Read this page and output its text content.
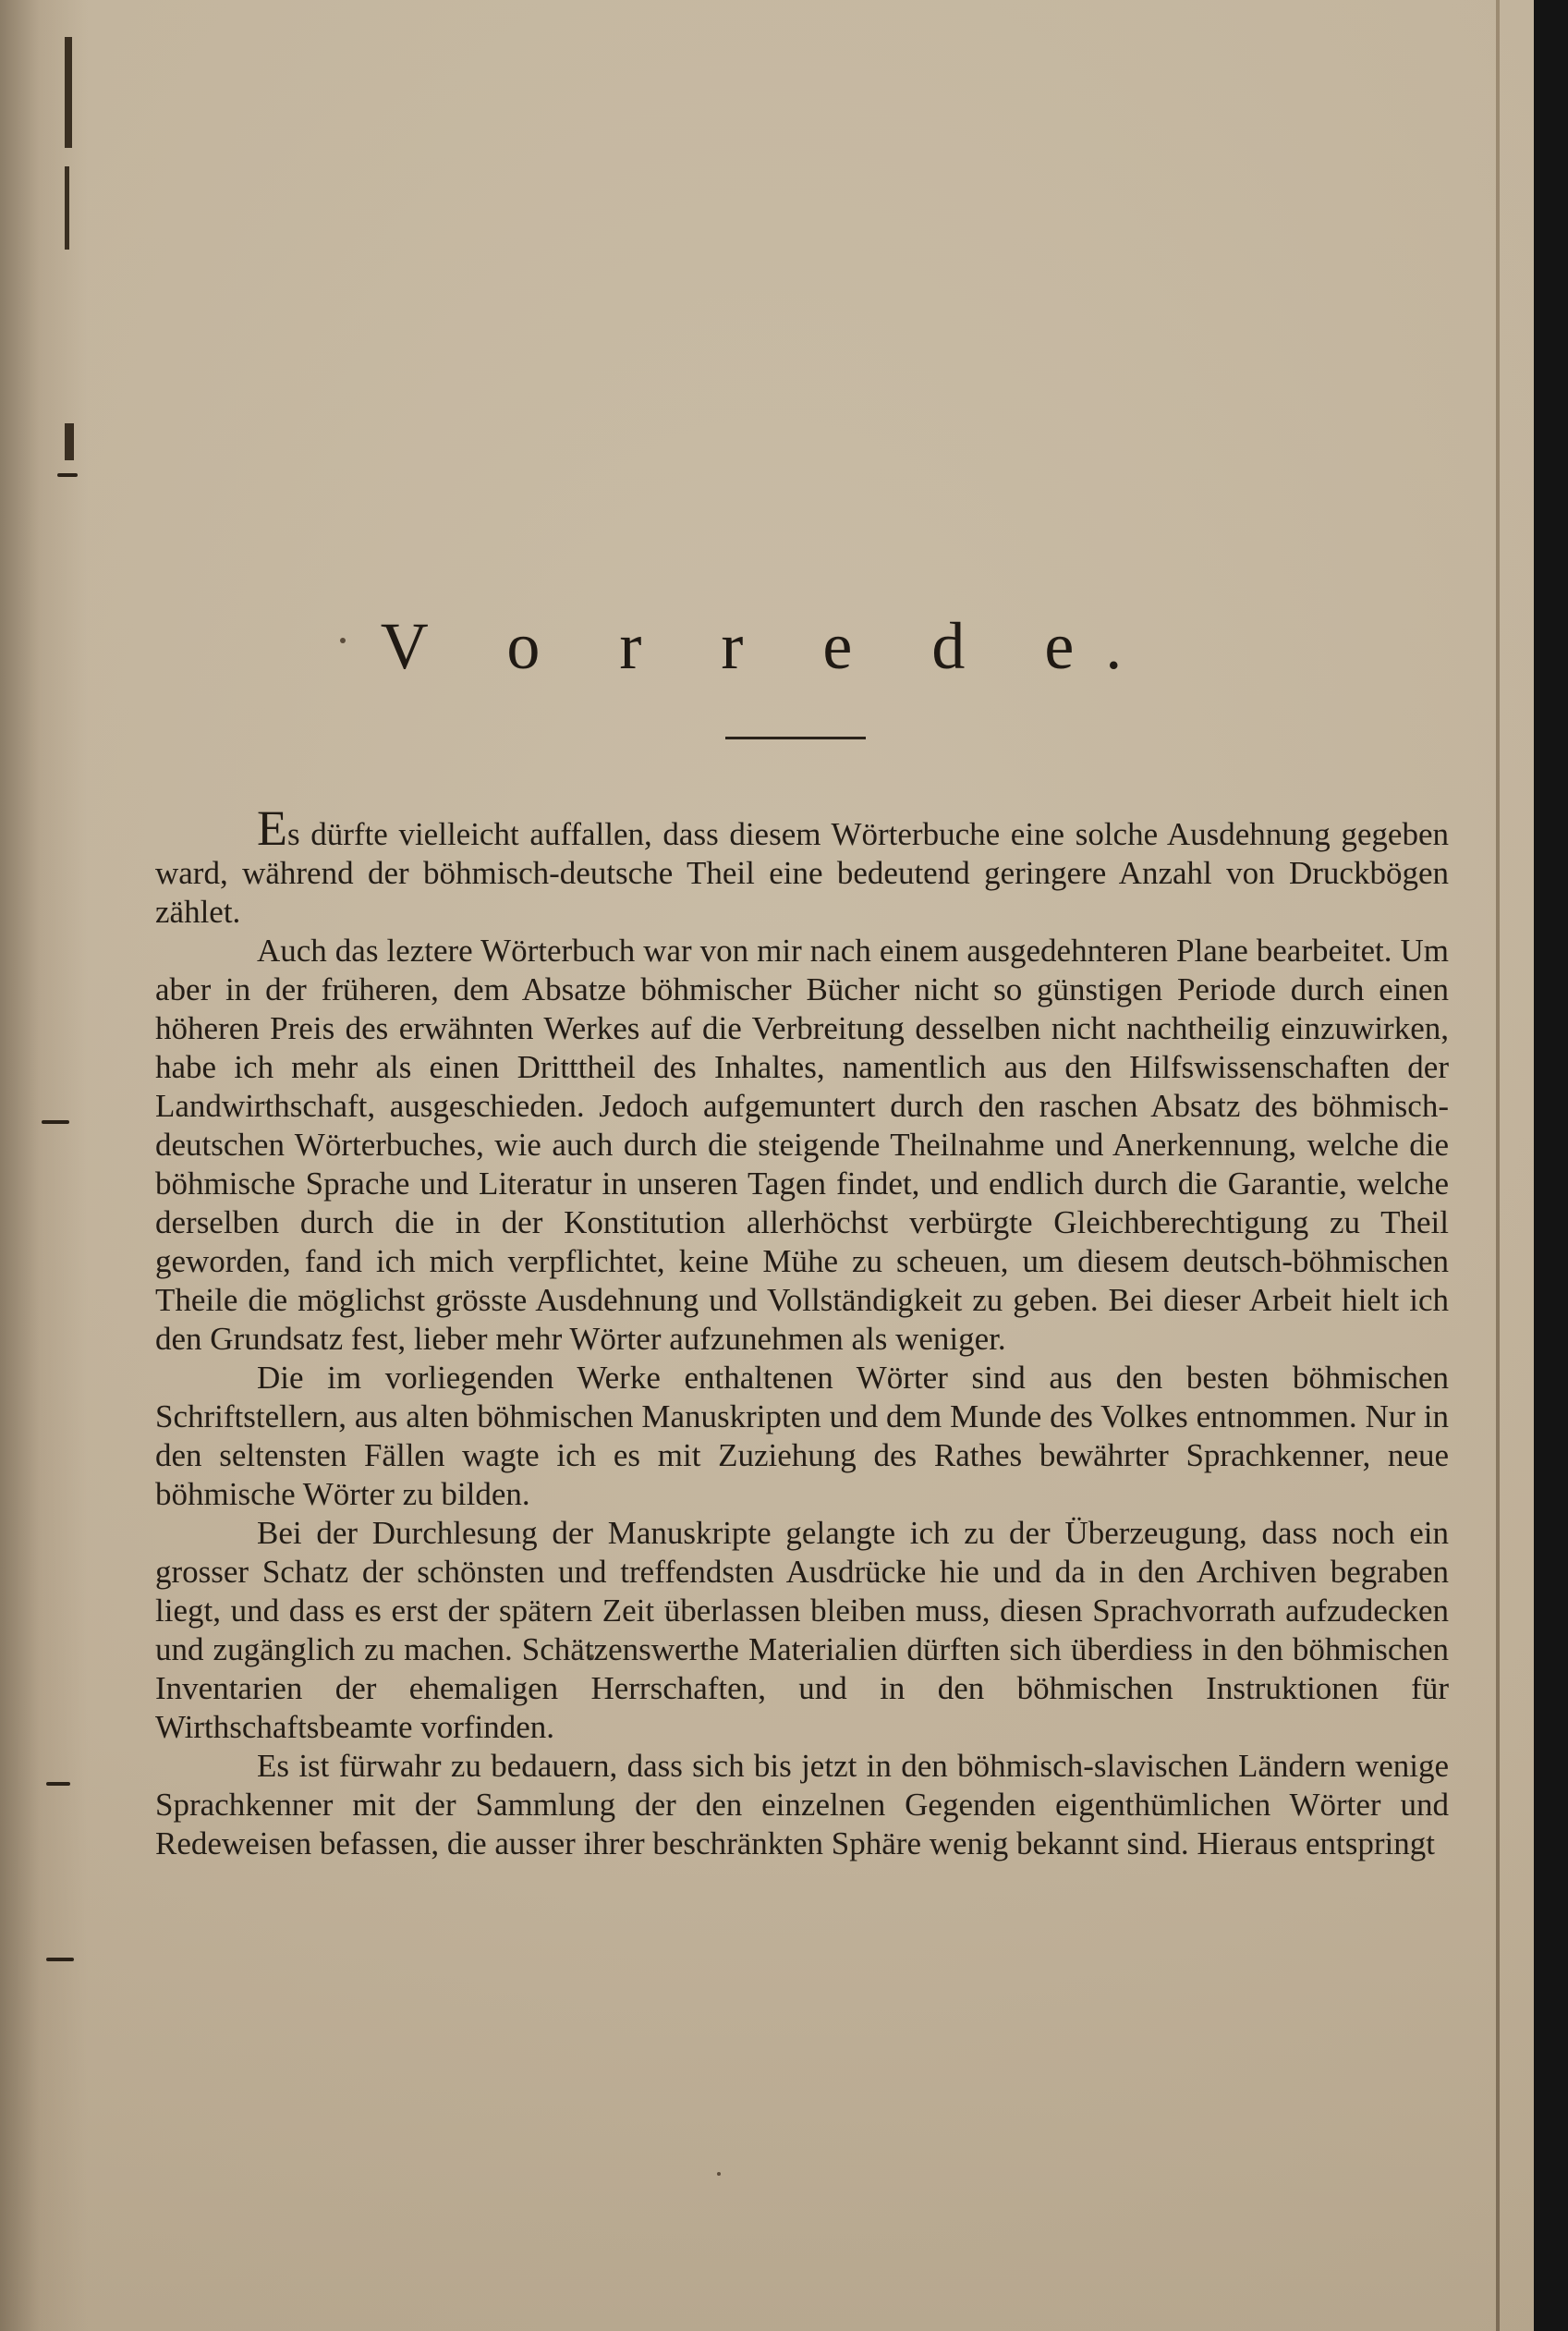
V o r r e d e.

Es dürfte vielleicht auffallen, dass diesem Wörterbuche eine solche Ausdehnung gegeben ward, während der böhmisch-deutsche Theil eine bedeutend geringere Anzahl von Druckbögen zählet.

Auch das leztere Wörterbuch war von mir nach einem ausgedehnteren Plane bearbeitet. Um aber in der früheren, dem Absatze böhmischer Bücher nicht so günstigen Periode durch einen höheren Preis des erwähnten Werkes auf die Verbreitung desselben nicht nachtheilig einzuwirken, habe ich mehr als einen Dritttheil des Inhaltes, namentlich aus den Hilfswissenschaften der Landwirthschaft, ausgeschieden. Jedoch aufgemuntert durch den raschen Absatz des böhmisch-deutschen Wörterbuches, wie auch durch die steigende Theilnahme und Anerkennung, welche die böhmische Sprache und Literatur in unseren Tagen findet, und endlich durch die Garantie, welche derselben durch die in der Konstitution allerhöchst verbürgte Gleichberechtigung zu Theil geworden, fand ich mich verpflichtet, keine Mühe zu scheuen, um diesem deutsch-böhmischen Theile die möglichst grösste Ausdehnung und Vollständigkeit zu geben. Bei dieser Arbeit hielt ich den Grundsatz fest, lieber mehr Wörter aufzunehmen als weniger.

Die im vorliegenden Werke enthaltenen Wörter sind aus den besten böhmischen Schriftstellern, aus alten böhmischen Manuskripten und dem Munde des Volkes entnommen. Nur in den seltensten Fällen wagte ich es mit Zuziehung des Rathes bewährter Sprachkenner, neue böhmische Wörter zu bilden.

Bei der Durchlesung der Manuskripte gelangte ich zu der Überzeugung, dass noch ein grosser Schatz der schönsten und treffendsten Ausdrücke hie und da in den Archiven begraben liegt, und dass es erst der spätern Zeit überlassen bleiben muss, diesen Sprachvorrath aufzudecken und zugänglich zu machen. Schätzenswerthe Materialien dürften sich überdiess in den böhmischen Inventarien der ehemaligen Herrschaften, und in den böhmischen Instruktionen für Wirthschaftsbeamte vorfinden.

Es ist fürwahr zu bedauern, dass sich bis jetzt in den böhmisch-slavischen Ländern wenige Sprachkenner mit der Sammlung der den einzelnen Gegenden eigenthümlichen Wörter und Redeweisen befassen, die ausser ihrer beschränkten Sphäre wenig bekannt sind. Hieraus entspringt
